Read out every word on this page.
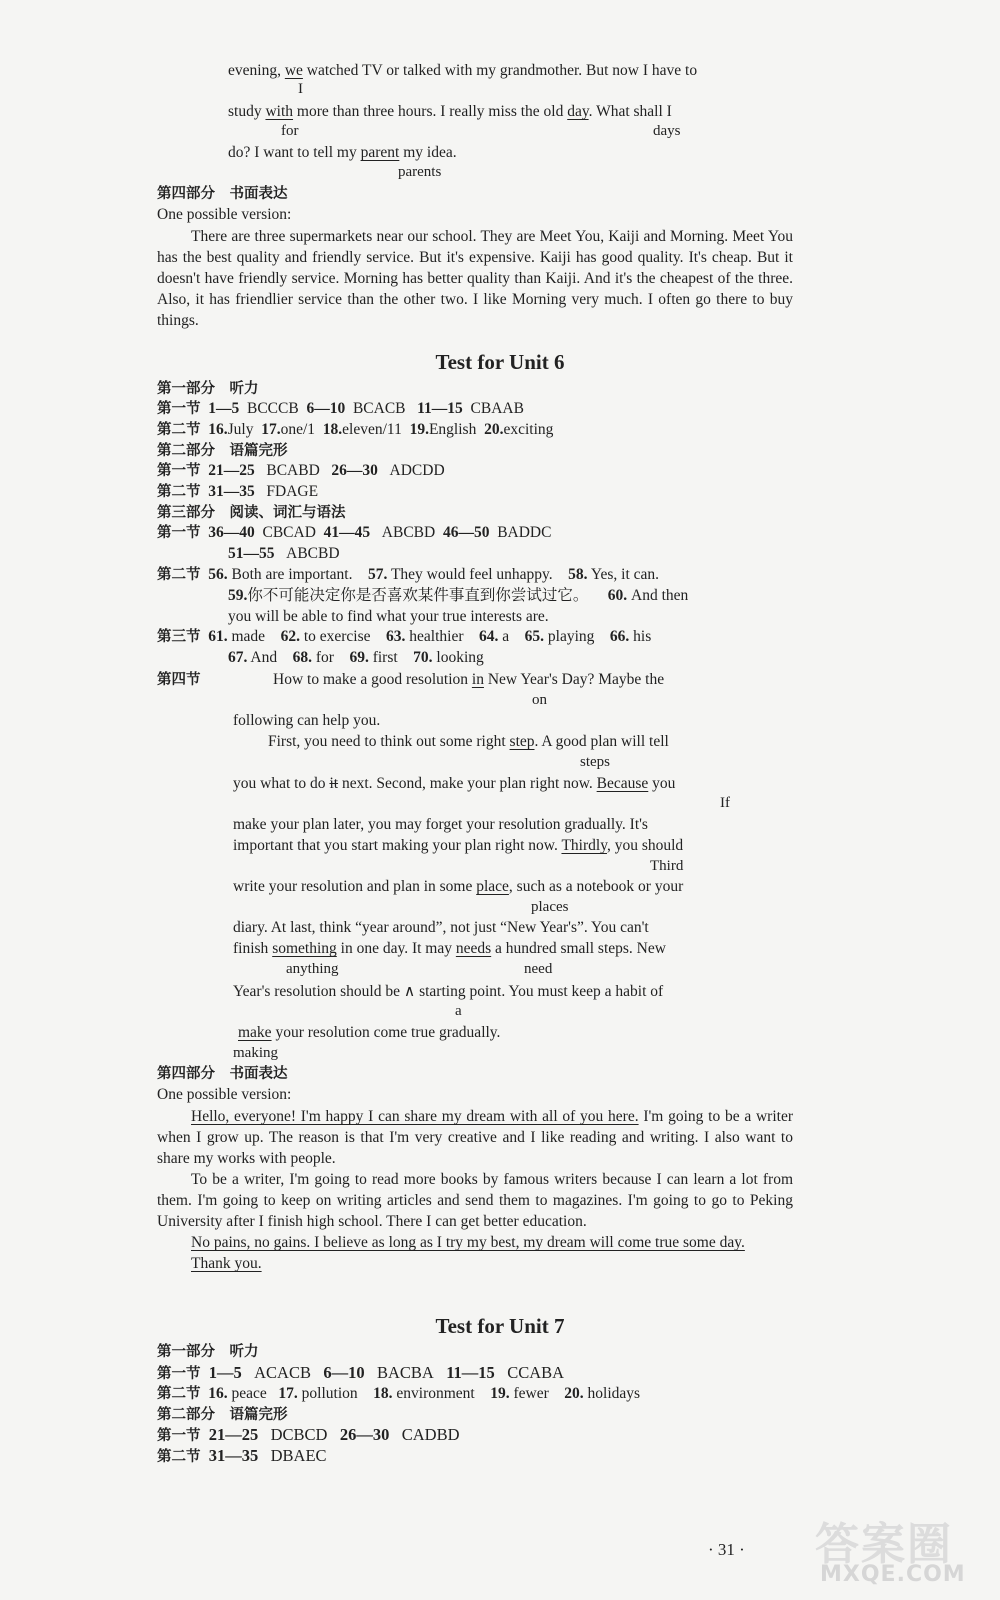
evening, we watched TV or talked with my grandmother. But now I have to
I
study with more than three hours. I really miss the old day. What shall I
for	days
do? I want to tell my parent my idea.
parents
第四部分　书面表达
One possible version:

There are three supermarkets near our school. They are Meet You, Kaiji and Morning. Meet You has the best quality and friendly service. But it's expensive. Kaiji has good quality. It's cheap. But it doesn't have friendly service. Morning has better quality than Kaiji. And it's the cheapest of the three. Also, it has friendlier service than the other two. I like Morning very much. I often go there to buy things.

Test for Unit 6
第一部分　听力
第一节 1—5 BCCCB 6—10 BCACB 11—15 CBAAB
第二节 16.July 17.one/1 18.eleven/11 19.English 20.exciting
第二部分　语篇完形
第一节 21—25 BCABD 26—30 ADCDD
第二节 31—35 FDAGE
第三部分　阅读、词汇与语法
第一节 36—40 CBCAD 41—45 ABCBD 46—50 BADDC
51—55 ABCBD
第二节 56. Both are important. 57. They would feel unhappy. 58. Yes, it can.
59.你不可能决定你是否喜欢某件事直到你尝试过它。 60. And then
you will be able to find what your true interests are.
第三节 61. made 62. to exercise 63. healthier 64. a 65. playing 66. his
67. And 68. for 69. first 70. looking
第四节	How to make a good resolution in New Year's Day? Maybe the
on
following can help you.
First, you need to think out some right step. A good plan will tell
steps
you what to do it next. Second, make your plan right now. Because you
If
make your plan later, you may forget your resolution gradually. It's
important that you start making your plan right now. Thirdly, you should
Third
write your resolution and plan in some place, such as a notebook or your
places
diary. At last, think “year around”, not just “New Year's”. You can't
finish something in one day. It may needs a hundred small steps. New
anything	need
Year's resolution should be ∧ starting point. You must keep a habit of
a
make your resolution come true gradually.
making
第四部分　书面表达
One possible version:

Hello, everyone! I'm happy I can share my dream with all of you here. I'm going to be a writer when I grow up. The reason is that I'm very creative and I like reading and writing. I also want to share my works with people.

To be a writer, I'm going to read more books by famous writers because I can learn a lot from them. I'm going to keep on writing articles and send them to magazines. I'm going to go to Peking University after I finish high school. There I can get better education.

No pains, no gains. I believe as long as I try my best, my dream will come true some day.

Thank you.

Test for Unit 7
第一部分　听力
第一节 1—5 ACACB 6—10 BACBA 11—15 CCABA
第二节 16. peace 17. pollution 18. environment 19. fewer 20. holidays
第二部分　语篇完形
第一节 21—25 DCBCD 26—30 CADBD
第二节 31—35 DBAEC
· 31 · 答案圈
MXQE.COM
